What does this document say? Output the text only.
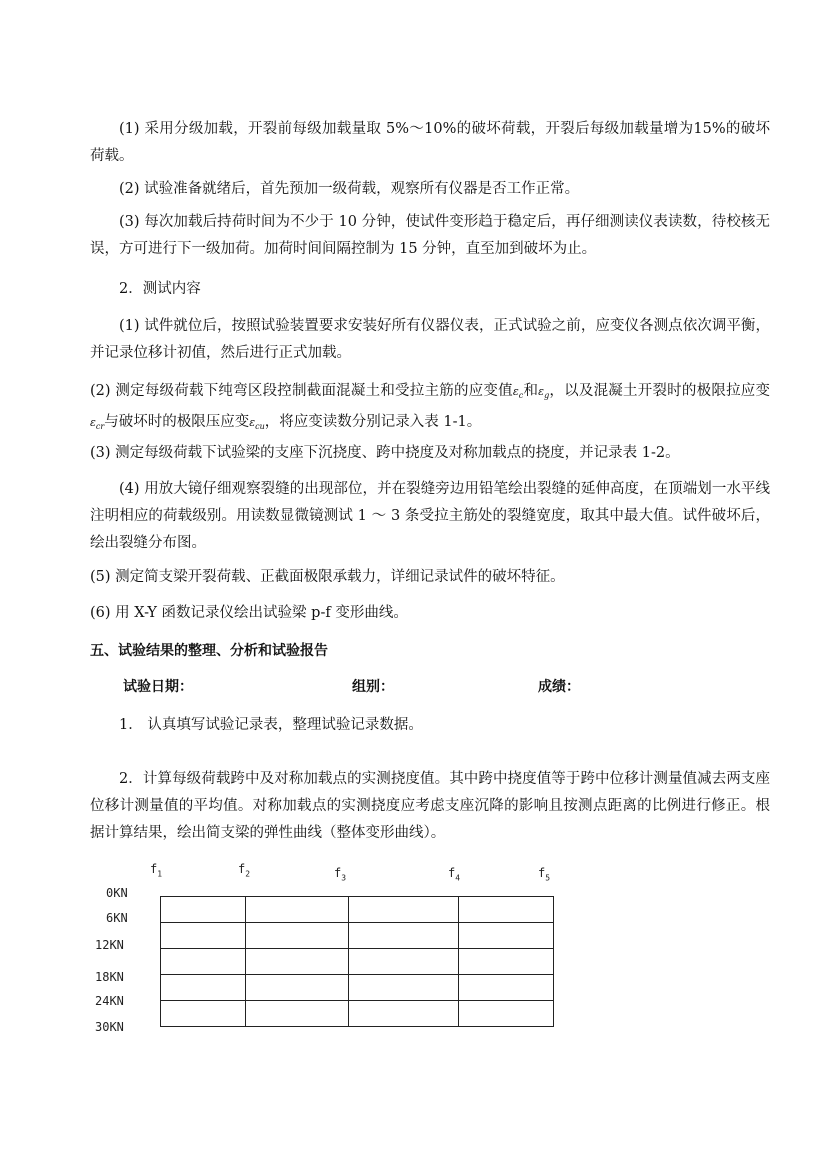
(1) 采用分级加载，开裂前每级加载量取 5%～10%的破坏荷载，开裂后每级加载量增为15%的破坏荷载。
(2) 试验准备就绪后，首先预加一级荷载，观察所有仪器是否工作正常。
(3) 每次加载后持荷时间为不少于 10 分钟，使试件变形趋于稳定后，再仔细测读仪表读数，待校核无误，方可进行下一级加荷。加荷时间间隔控制为 15 分钟，直至加到破坏为止。
2．测试内容
(1) 试件就位后，按照试验装置要求安装好所有仪器仪表，正式试验之前，应变仪各测点依次调平衡，并记录位移计初值，然后进行正式加载。
(2) 测定每级荷载下纯弯区段控制截面混凝土和受拉主筋的应变值$\varepsilon_c$和$\varepsilon_g$，以及混凝土开裂时的极限拉应变$\varepsilon_{cr}$与破坏时的极限压应变$\varepsilon_{cu}$，将应变读数分别记录入表 1-1。
(3) 测定每级荷载下试验梁的支座下沉挠度、跨中挠度及对称加载点的挠度，并记录表 1-2。
(4) 用放大镜仔细观察裂缝的出现部位，并在裂缝旁边用铅笔绘出裂缝的延伸高度，在顶端划一水平线注明相应的荷载级别。用读数显微镜测试 1 ～ 3 条受拉主筋处的裂缝宽度，取其中最大值。试件破坏后，绘出裂缝分布图。
(5) 测定简支梁开裂荷载、正截面极限承载力，详细记录试件的破坏特征。
(6) 用 X-Y 函数记录仪绘出试验梁 p-f 变形曲线。
五、试验结果的整理、分析和试验报告
试验日期：	组别：	成绩：
1． 认真填写试验记录表，整理试验记录数据。
2．计算每级荷载跨中及对称加载点的实测挠度值。其中跨中挠度值等于跨中位移计测量值减去两支座位移计测量值的平均值。对称加载点的实测挠度应考虑支座沉降的影响且按测点距离的比例进行修正。根据计算结果，绘出简支梁的弹性曲线（整体变形曲线）。
$f_1$	$f_2$	$f_3$	$f_4$	$f_5$
0KN
6KN
12KN
18KN
24KN
30KN
